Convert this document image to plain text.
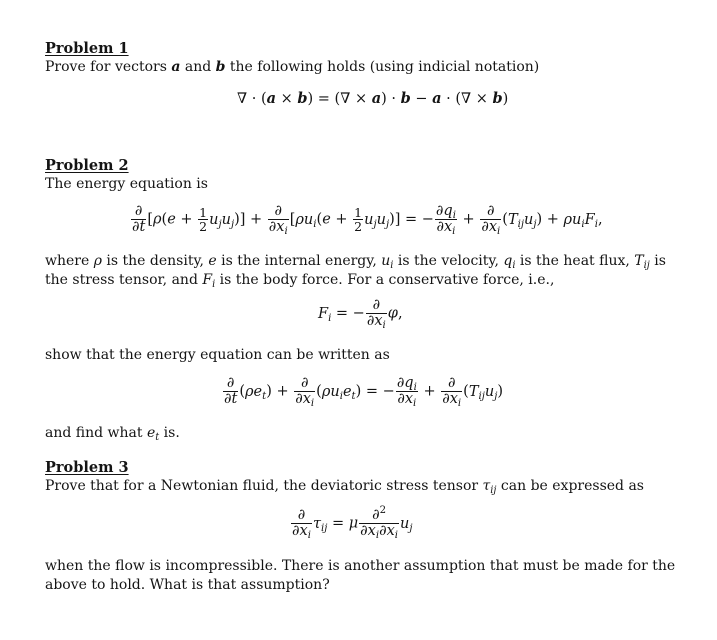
Problem 1
Prove for vectors a and b the following holds (using indicial notation)
∇ · (a × b) = (∇ × a) · b − a · (∇ × b)
Problem 2
The energy equation is
$\frac{\partial}{\partial t} [\rho(e + \frac{1}{2} u_ju_j)] + \frac{\partial}{\partial x_i} [\rho u_i(e + \frac{1}{2} u_ju_j)]$ = − $\frac{\partial q_i}{\partial x_i} + \frac{\partial}{\partial x_i} (T_{ij}u_j) + \rho u_iF_i$,
where ρ is the density, e is the internal energy, $u_i$ is the velocity, $q_i$ is the heat flux, $T_{ij}$ is the stress tensor, and $F_i$ is the body force. For a conservative force, i.e.,
$F_i$ = − $\frac{\partial}{\partial x_i} \varphi$,
show that the energy equation can be written as
$\frac{\partial}{\partial t} (\rho e_t) + \frac{\partial}{\partial x_i} (\rho u_ie_t)$ = − $\frac{\partial q_i}{\partial x_i} + \frac{\partial}{\partial x_i} (T_{ij}u_j)$
and find what $e_t$ is.
Problem 3
Prove that for a Newtonian fluid, the deviatoric stress tensor $\tau_{ij}$ can be expressed as
$\frac{\partial}{\partial x_i} \tau_{ij} = \mu \frac{\partial^2}{\partial x_i\partial x_i} u_j$
when the flow is incompressible. There is another assumption that must be made for the above to hold. What is that assumption?
